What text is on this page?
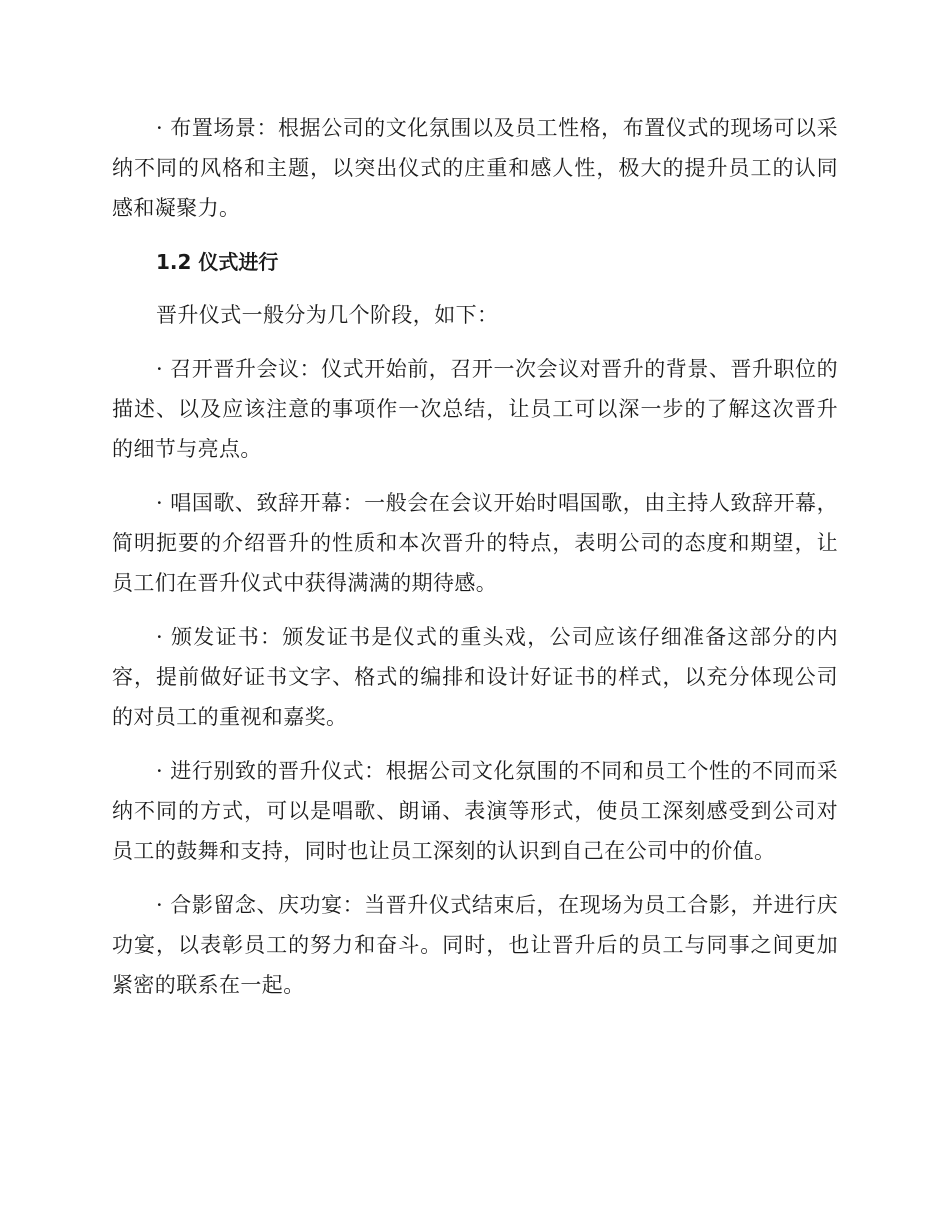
· 布置场景：根据公司的文化氛围以及员工性格，布置仪式的现场可以采纳不同的风格和主题，以突出仪式的庄重和感人性，极大的提升员工的认同感和凝聚力。

1.2 仪式进行

晋升仪式一般分为几个阶段，如下：

· 召开晋升会议：仪式开始前，召开一次会议对晋升的背景、晋升职位的描述、以及应该注意的事项作一次总结，让员工可以深一步的了解这次晋升的细节与亮点。

· 唱国歌、致辞开幕：一般会在会议开始时唱国歌，由主持人致辞开幕，简明扼要的介绍晋升的性质和本次晋升的特点，表明公司的态度和期望，让员工们在晋升仪式中获得满满的期待感。

· 颁发证书：颁发证书是仪式的重头戏，公司应该仔细准备这部分的内容，提前做好证书文字、格式的编排和设计好证书的样式，以充分体现公司的对员工的重视和嘉奖。

· 进行别致的晋升仪式：根据公司文化氛围的不同和员工个性的不同而采纳不同的方式，可以是唱歌、朗诵、表演等形式，使员工深刻感受到公司对员工的鼓舞和支持，同时也让员工深刻的认识到自己在公司中的价值。

· 合影留念、庆功宴：当晋升仪式结束后，在现场为员工合影，并进行庆功宴，以表彰员工的努力和奋斗。同时，也让晋升后的员工与同事之间更加紧密的联系在一起。
